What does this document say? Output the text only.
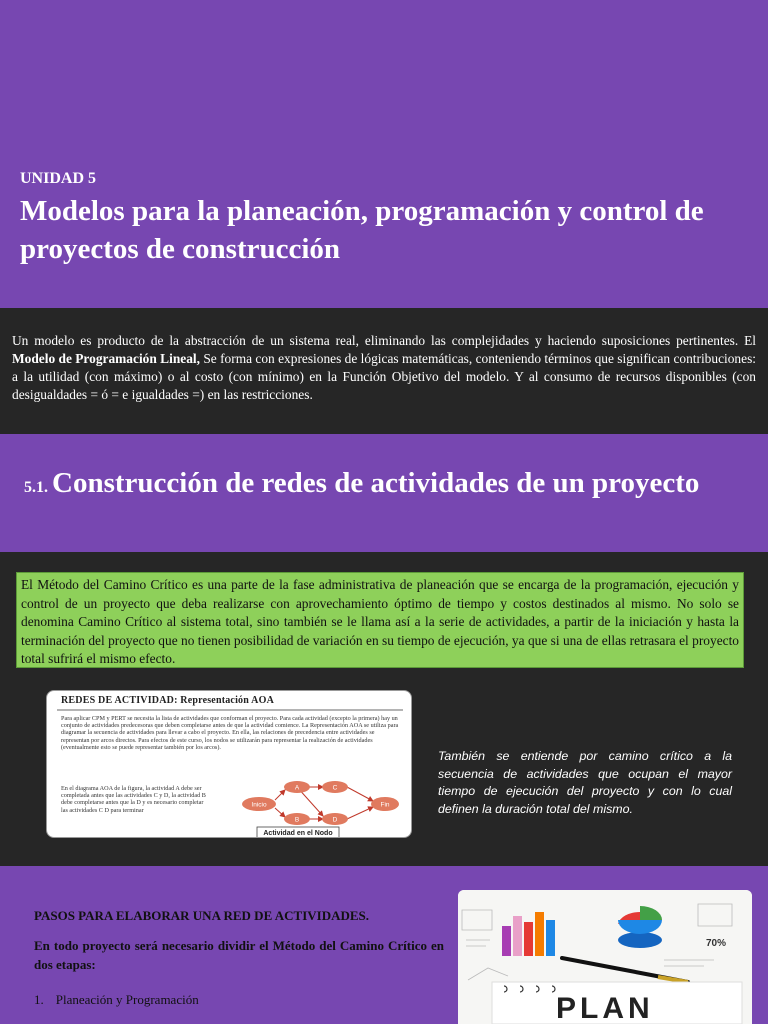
UNIDAD 5
Modelos para la planeación, programación y control de proyectos de construcción

Un modelo es producto de la abstracción de un sistema real, eliminando las complejidades y haciendo suposiciones pertinentes. El Modelo de Programación Lineal, Se forma con expresiones de lógicas matemáticas, conteniendo términos que significan contribuciones: a la utilidad (con máximo) o al costo (con mínimo) en la Función Objetivo del modelo. Y al consumo de recursos disponibles (con desigualdades = ó = e igualdades =) en las restricciones.

5.1. Construcción de redes de actividades de un proyecto
El Método del Camino Crítico es una parte de la fase administrativa de planeación que se encarga de la programación, ejecución y control de un proyecto que deba realizarse con aprovechamiento óptimo de tiempo y costos destinados al mismo. No solo se denomina Camino Crítico al sistema total, sino también se le llama así a la serie de actividades, a partir de la iniciación y hasta la terminación del proyecto que no tienen posibilidad de variación en su tiempo de ejecución, ya que si una de ellas retrasara el proyecto total sufrirá el mismo efecto.
REDES DE ACTIVIDAD: Representación AOA
Para aplicar CPM y PERT se necesita la lista de actividades que conforman el proyecto. Para cada actividad (excepto la primera) hay un conjunto de actividades predecesoras que deben completarse antes de que la actividad comience. La Representación AOA se utiliza para diagramar la secuencia de actividades para llevar a cabo el proyecto. En ella, las relaciones de precedencia entre actividades se representan por arcos directos. Para efectos de este curso, los nodos se utilizarán para representar la realización de actividades (eventualmente esto se puede representar también por los arcos).
En el diagrama AOA de la figura, la actividad A debe ser completada antes que las actividades C y D, la actividad B debe completarse antes que la D y es necesario completar las actividades C D para terminar
Inicio
A
B
C
D
Fin
Actividad en el Nodo
También se entiende por camino crítico a la secuencia de actividades que ocupan el mayor tiempo de ejecución del proyecto y con lo cual definen la duración total del mismo.
PASOS PARA ELABORAR UNA RED DE ACTIVIDADES.
En todo proyecto será necesario dividir el Método del Camino Crítico en dos etapas:
1. Planeación y Programación
70%
PLAN
